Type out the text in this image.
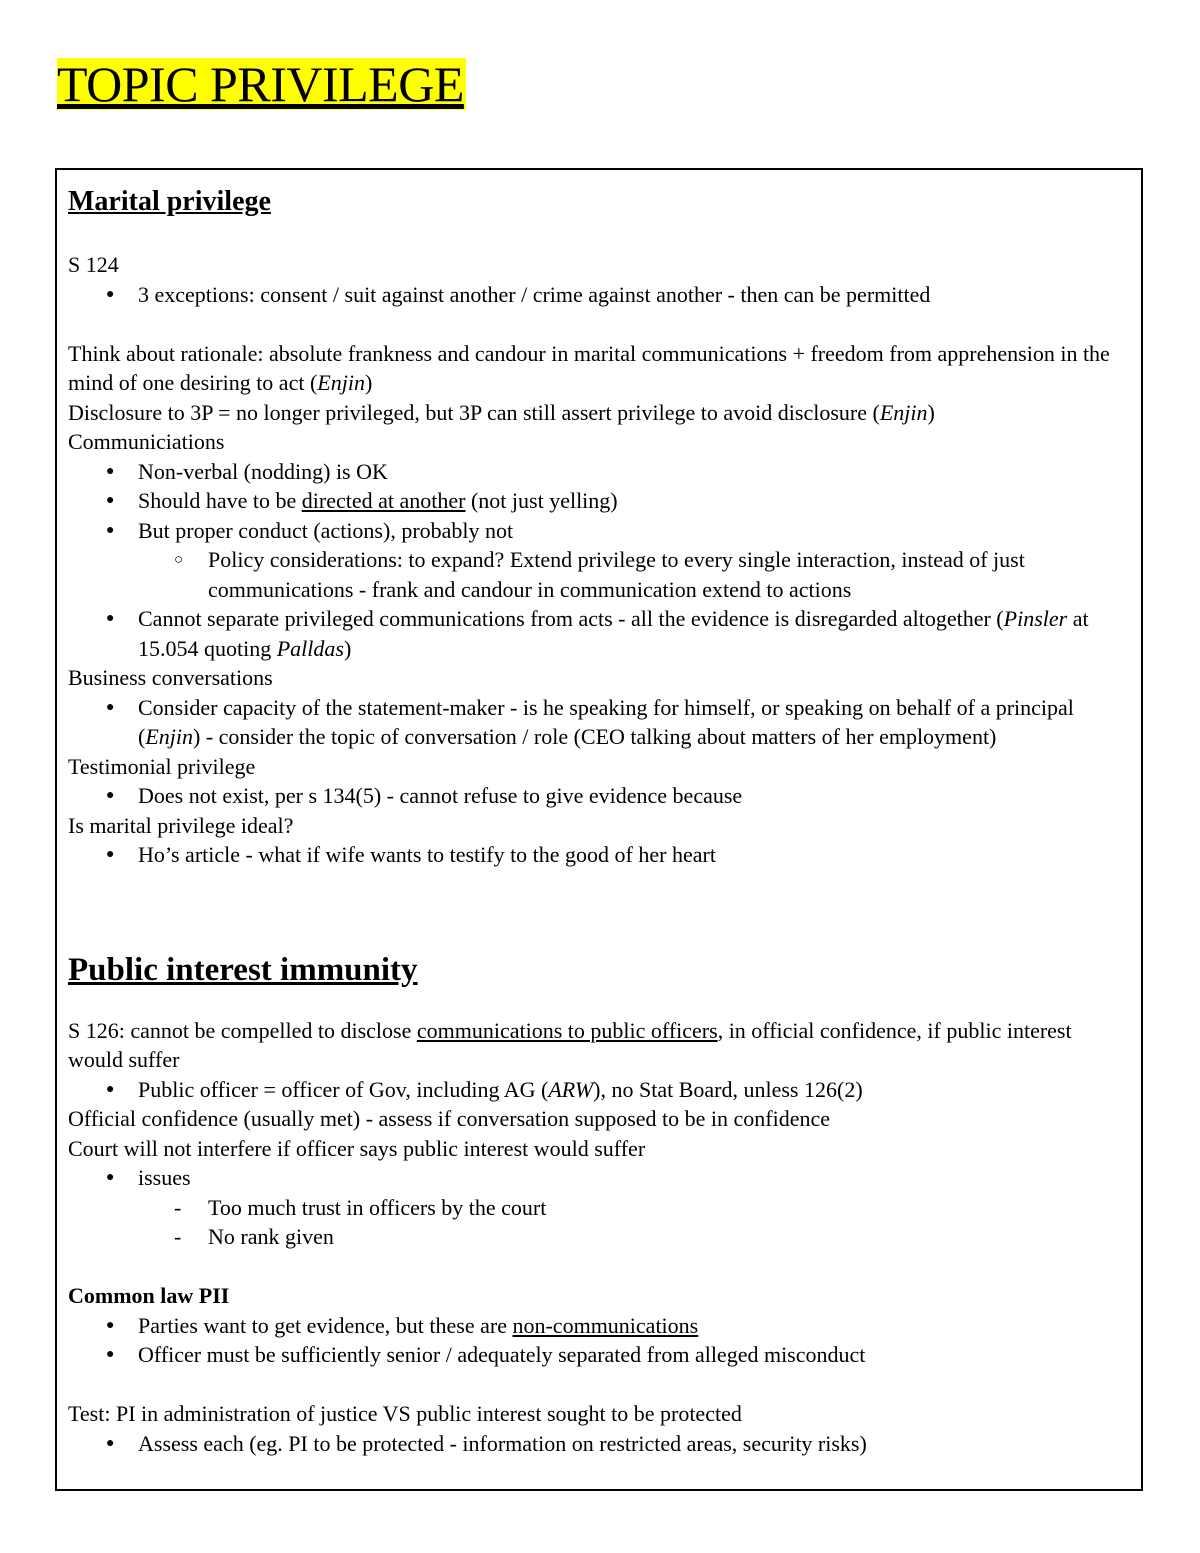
TOPIC PRIVILEGE
Marital privilege
S 124
● 3 exceptions: consent / suit against another / crime against another - then can be permitted
Think about rationale: absolute frankness and candour in marital communications + freedom from apprehension in the mind of one desiring to act (Enjin)
Disclosure to 3P = no longer privileged, but 3P can still assert privilege to avoid disclosure (Enjin)
Communiciations
● Non-verbal (nodding) is OK
● Should have to be directed at another (not just yelling)
● But proper conduct (actions), probably not
○ Policy considerations: to expand? Extend privilege to every single interaction, instead of just communications - frank and candour in communication extend to actions
● Cannot separate privileged communications from acts - all the evidence is disregarded altogether (Pinsler at 15.054 quoting Palldas)
Business conversations
● Consider capacity of the statement-maker - is he speaking for himself, or speaking on behalf of a principal (Enjin) - consider the topic of conversation / role (CEO talking about matters of her employment)
Testimonial privilege
● Does not exist, per s 134(5) - cannot refuse to give evidence because
Is marital privilege ideal?
● Ho’s article - what if wife wants to testify to the good of her heart
Public interest immunity
S 126: cannot be compelled to disclose communications to public officers, in official confidence, if public interest would suffer
● Public officer = officer of Gov, including AG (ARW), no Stat Board, unless 126(2)
Official confidence (usually met) - assess if conversation supposed to be in confidence
Court will not interfere if officer says public interest would suffer
● issues
- Too much trust in officers by the court
- No rank given
Common law PII
● Parties want to get evidence, but these are non-communications
● Officer must be sufficiently senior / adequately separated from alleged misconduct
Test: PI in administration of justice VS public interest sought to be protected
● Assess each (eg. PI to be protected - information on restricted areas, security risks)
